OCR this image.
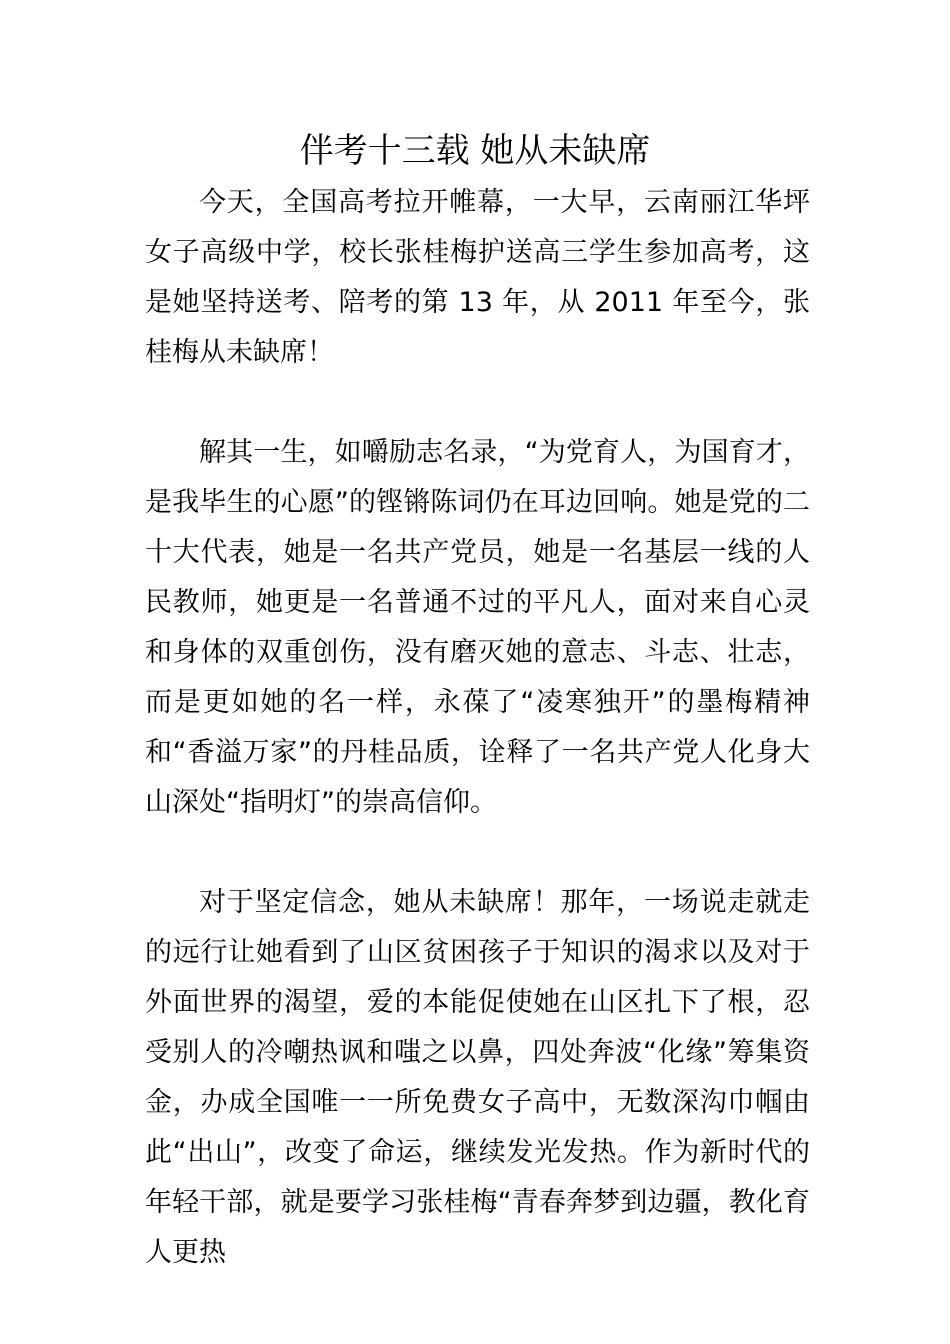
伴考十三载 她从未缺席

今天，全国高考拉开帷幕，一大早，云南丽江华坪女子高级中学，校长张桂梅护送高三学生参加高考，这是她坚持送考、陪考的第 13 年，从 2011 年至今，张桂梅从未缺席！

解其一生，如嚼励志名录，“为党育人，为国育才，是我毕生的心愿”的铿锵陈词仍在耳边回响。她是党的二十大代表，她是一名共产党员，她是一名基层一线的人民教师，她更是一名普通不过的平凡人，面对来自心灵和身体的双重创伤，没有磨灭她的意志、斗志、壮志，而是更如她的名一样，永葆了“凌寒独开”的墨梅精神和“香溢万家”的丹桂品质，诠释了一名共产党人化身大山深处“指明灯”的崇高信仰。

对于坚定信念，她从未缺席！那年，一场说走就走的远行让她看到了山区贫困孩子于知识的渴求以及对于外面世界的渴望，爱的本能促使她在山区扎下了根，忍受别人的冷嘲热讽和嗤之以鼻，四处奔波“化缘”筹集资金，办成全国唯一一所免费女子高中，无数深沟巾帼由此“出山”，改变了命运，继续发光发热。作为新时代的年轻干部，就是要学习张桂梅“青春奔梦到边疆，教化育人更热
